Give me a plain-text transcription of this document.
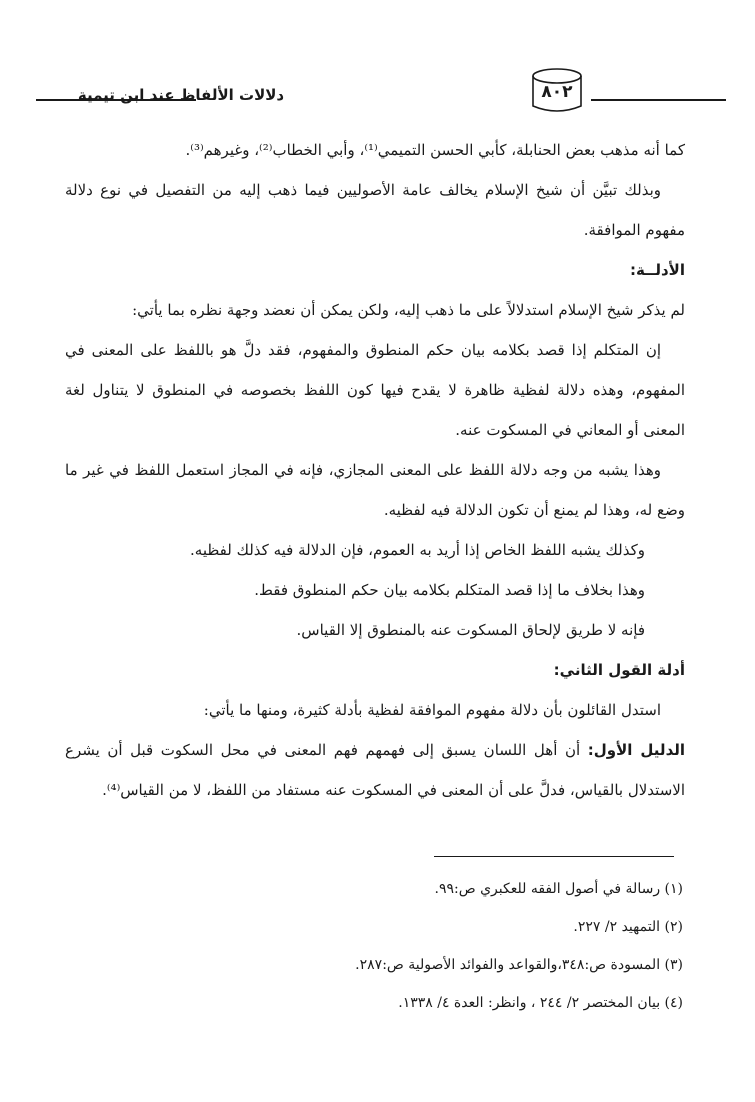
٨٠٢
دلالات الألفاظ عند ابن تيمية

كما أنه مذهب بعض الحنابلة، كأبي الحسن التميمي⁽¹⁾، وأبي الخطاب⁽²⁾، وغيرهم⁽³⁾.

وبذلك تبيَّن أن شيخ الإسلام يخالف عامة الأصوليين فيما ذهب إليه من التفصيل في نوع دلالة مفهوم الموافقة.

الأدلــة:

لم يذكر شيخ الإسلام استدلالاً على ما ذهب إليه، ولكن يمكن أن نعضد وجهة نظره بما يأتي:

إن المتكلم إذا قصد بكلامه بيان حكم المنطوق والمفهوم، فقد دلَّ هو باللفظ على المعنى في المفهوم، وهذه دلالة لفظية ظاهرة لا يقدح فيها كون اللفظ بخصوصه في المنطوق لا يتناول لغة المعنى أو المعاني في المسكوت عنه.

وهذا يشبه من وجه دلالة اللفظ على المعنى المجازي، فإنه في المجاز استعمل اللفظ في غير ما وضع له، وهذا لم يمنع أن تكون الدلالة فيه لفظيه.

وكذلك يشبه اللفظ الخاص إذا أريد به العموم، فإن الدلالة فيه كذلك لفظيه.

وهذا بخلاف ما إذا قصد المتكلم بكلامه بيان حكم المنطوق فقط.

فإنه لا طريق لإلحاق المسكوت عنه بالمنطوق إلا القياس.

أدلة القول الثاني:

استدل القائلون بأن دلالة مفهوم الموافقة لفظية بأدلة كثيرة، ومنها ما يأتي:

الدليل الأول: أن أهل اللسان يسبق إلى فهمهم فهم المعنى في محل السكوت قبل أن يشرع الاستدلال بالقياس، فدلَّ على أن المعنى في المسكوت عنه مستفاد من اللفظ، لا من القياس⁽⁴⁾.

(١) رسالة في أصول الفقه للعكبري ص:٩٩.

(٢) التمهيد ٢/ ٢٢٧.

(٣) المسودة ص:٣٤٨،والقواعد والفوائد الأصولية ص:٢٨٧.

(٤) بيان المختصر ٢/ ٢٤٤ ، وانظر: العدة ٤/ ١٣٣٨.
